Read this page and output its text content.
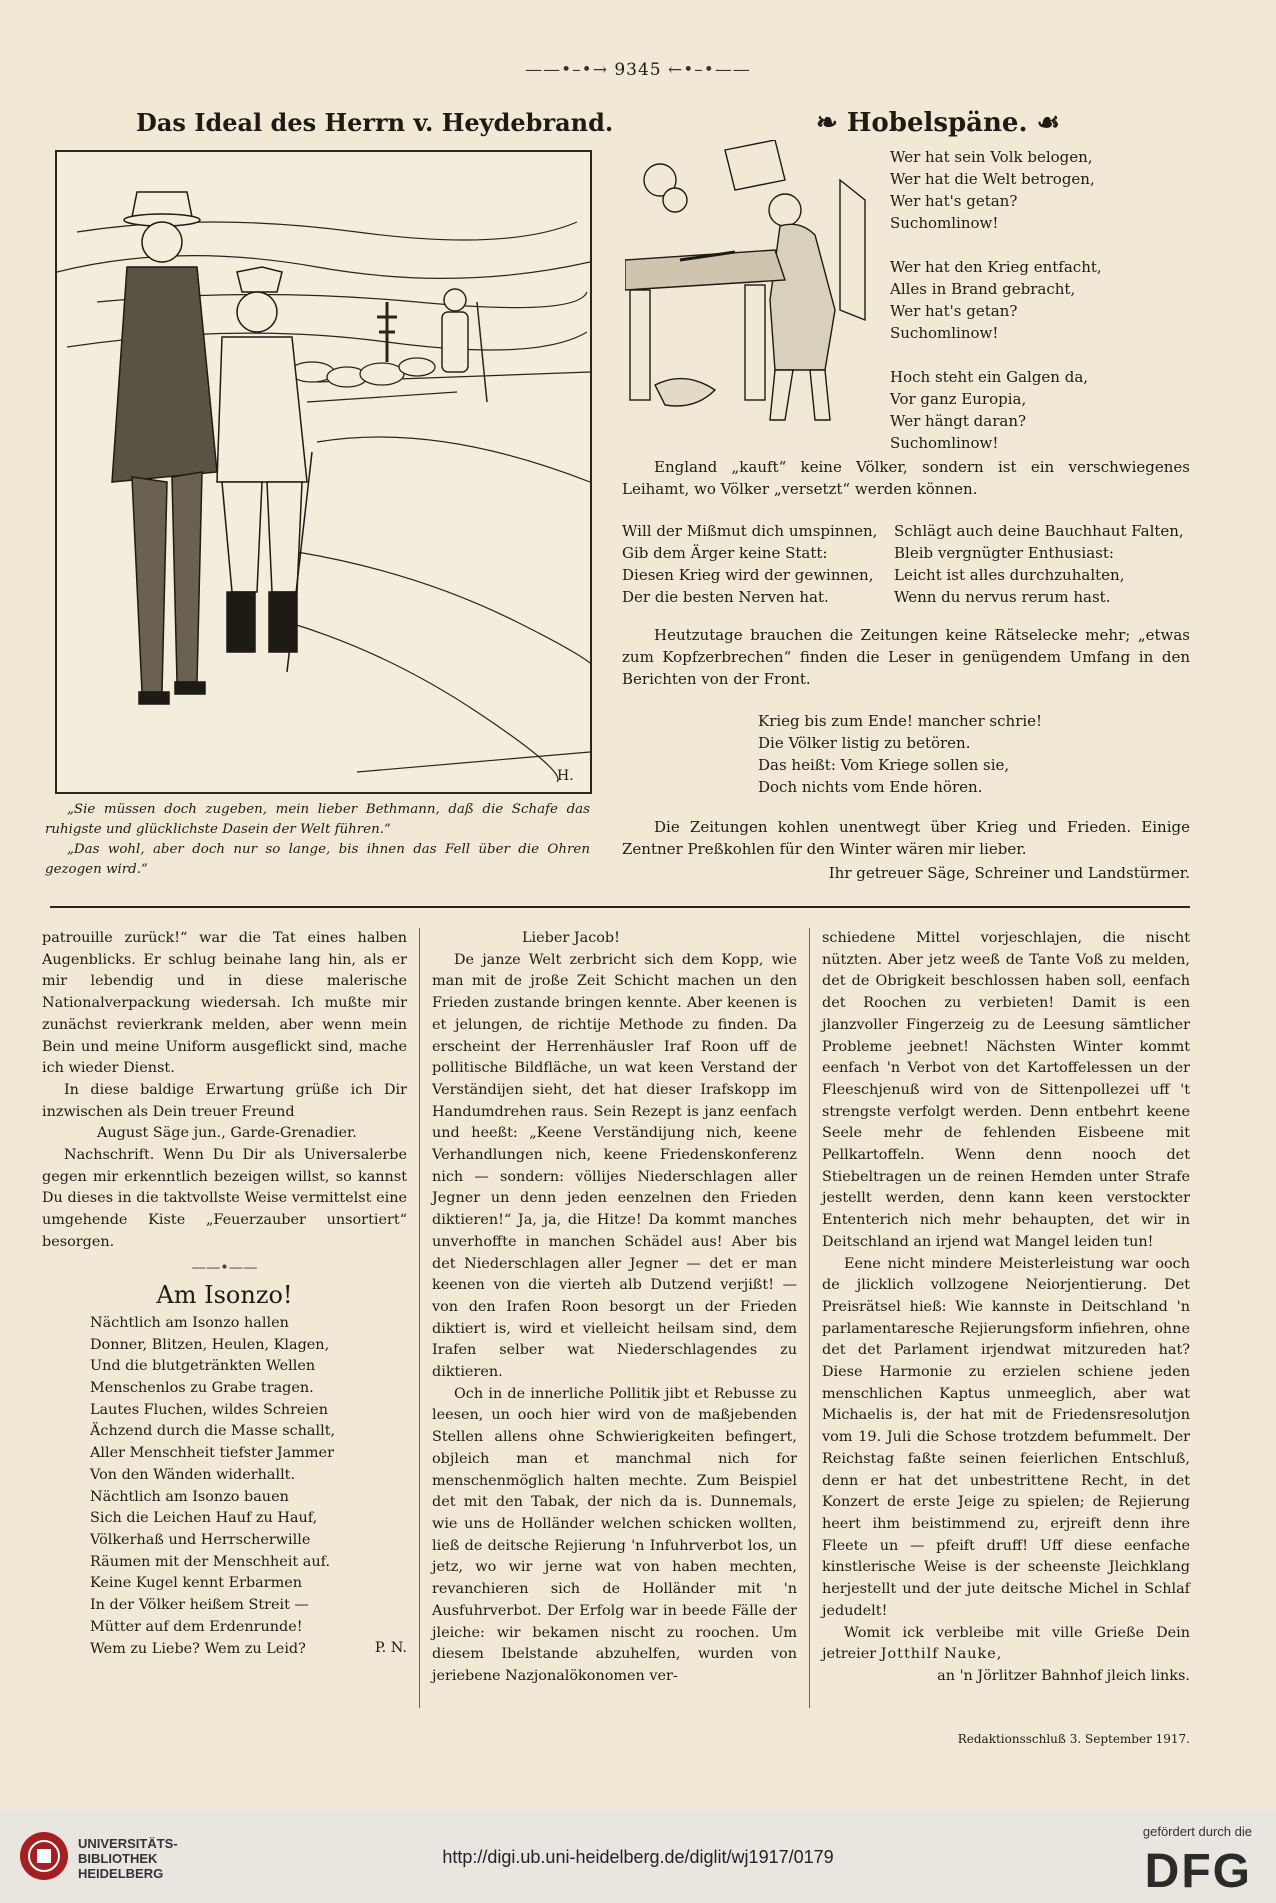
——•–•→ 9345 ←•–•——
Das Ideal des Herrn v. Heydebrand.	❧ Hobelspäne. ☙
H.

„Sie müssen doch zugeben, mein lieber Bethmann, daß die Schafe das ruhigste und glücklichste Dasein der Welt führen.“

„Das wohl, aber doch nur so lange, bis ihnen das Fell über die Ohren gezogen wird.“

Wer hat sein Volk belogen,
Wer hat die Welt betrogen,
Wer hat's getan?
Suchomlinow!

Wer hat den Krieg entfacht,
Alles in Brand gebracht,
Wer hat's getan?
Suchomlinow!

Hoch steht ein Galgen da,
Vor ganz Europia,
Wer hängt daran?
Suchomlinow!
England „kauft“ keine Völker, sondern ist ein verschwiegenes Leihamt, wo Völker „versetzt“ werden können.
Will der Mißmut dich umspinnen,	Schlägt auch deine Bauchhaut Falten,
Gib dem Ärger keine Statt:	Bleib vergnügter Enthusiast:
Diesen Krieg wird der gewinnen,	Leicht ist alles durchzuhalten,
Der die besten Nerven hat.	Wenn du nervus rerum hast.
Heutzutage brauchen die Zeitungen keine Rätselecke mehr; „etwas zum Kopfzerbrechen“ finden die Leser in genügendem Umfang in den Berichten von der Front.
Krieg bis zum Ende! mancher schrie!
Die Völker listig zu betören.
Das heißt: Vom Kriege sollen sie,
Doch nichts vom Ende hören.
Die Zeitungen kohlen unentwegt über Krieg und Frieden. Einige Zentner Preßkohlen für den Winter wären mir lieber.
Ihr getreuer Säge, Schreiner und Landstürmer.

patrouille zurück!“ war die Tat eines halben Augenblicks. Er schlug beinahe lang hin, als er mir lebendig und in diese malerische Nationalverpackung wiedersah. Ich mußte mir zunächst revierkrank melden, aber wenn mein Bein und meine Uniform ausgeflickt sind, mache ich wieder Dienst.

In diese baldige Erwartung grüße ich Dir inzwischen als Dein treuer Freund

August Säge jun., Garde-Grenadier.

Nachschrift. Wenn Du Dir als Universalerbe gegen mir erkenntlich bezeigen willst, so kannst Du dieses in die taktvollste Weise vermittelst eine umgehende Kiste „Feuerzauber unsortiert“ besorgen.

——•——
Am Isonzo!

Nächtlich am Isonzo hallen
Donner, Blitzen, Heulen, Klagen,
Und die blutgetränkten Wellen
Menschenlos zu Grabe tragen.

Lautes Fluchen, wildes Schreien
Ächzend durch die Masse schallt,
Aller Menschheit tiefster Jammer
Von den Wänden widerhallt.

Nächtlich am Isonzo bauen
Sich die Leichen Hauf zu Hauf,
Völkerhaß und Herrscherwille
Räumen mit der Menschheit auf.

Keine Kugel kennt Erbarmen
In der Völker heißem Streit —
Mütter auf dem Erdenrunde!
Wem zu Liebe? Wem zu Leid?	P. N.

Lieber Jacob!

De janze Welt zerbricht sich dem Kopp, wie man mit de jroße Zeit Schicht machen un den Frieden zustande bringen kennte. Aber keenen is et jelungen, de richtije Methode zu finden. Da erscheint der Herrenhäusler Iraf Roon uff de pollitische Bildfläche, un wat keen Verstand der Verständijen sieht, det hat dieser Irafskopp im Handumdrehen raus. Sein Rezept is janz eenfach und heeßt: „Keene Verständijung nich, keene Verhandlungen nich, keene Friedenskonferenz nich — sondern: völlijes Niederschlagen aller Jegner un denn jeden eenzelnen den Frieden diktieren!“ Ja, ja, die Hitze! Da kommt manches unverhoffte in manchen Schädel aus! Aber bis det Niederschlagen aller Jegner — det er man keenen von die vierteh alb Dutzend verjißt! — von den Irafen Roon besorgt un der Frieden diktiert is, wird et vielleicht heilsam sind, dem Irafen selber wat Niederschlagendes zu diktieren.

Och in de innerliche Pollitik jibt et Rebusse zu leesen, un ooch hier wird von de maßjebenden Stellen allens ohne Schwierigkeiten befingert, objleich man et manchmal nich for menschenmöglich halten mechte. Zum Beispiel det mit den Tabak, der nich da is. Dunnemals, wie uns de Holländer welchen schicken wollten, ließ de deitsche Rejierung 'n Infuhrverbot los, un jetz, wo wir jerne wat von haben mechten, revanchieren sich de Holländer mit 'n Ausfuhrverbot. Der Erfolg war in beede Fälle der jleiche: wir bekamen nischt zu roochen. Um diesem Ibelstande abzuhelfen, wurden von jeriebene Nazjonalökonomen ver-

schiedene Mittel vorjeschlajen, die nischt nützten. Aber jetz weeß de Tante Voß zu melden, det de Obrigkeit beschlossen haben soll, eenfach det Roochen zu verbieten! Damit is een jlanzvoller Fingerzeig zu de Leesung sämtlicher Probleme jeebnet! Nächsten Winter kommt eenfach 'n Verbot von det Kartoffelessen un der Fleeschjenuß wird von de Sittenpollezei uff 't strengste verfolgt werden. Denn entbehrt keene Seele mehr de fehlenden Eisbeene mit Pellkartoffeln. Wenn denn nooch det Stiebeltragen un de reinen Hemden unter Strafe jestellt werden, denn kann keen verstockter Ententerich nich mehr behaupten, det wir in Deitschland an irjend wat Mangel leiden tun!

Eene nicht mindere Meisterleistung war ooch de jlicklich vollzogene Neiorjentierung. Det Preisrätsel hieß: Wie kannste in Deitschland 'n parlamentaresche Rejierungsform infiehren, ohne det det Parlament irjendwat mitzureden hat? Diese Harmonie zu erzielen schiene jeden menschlichen Kaptus unmeeglich, aber wat Michaelis is, der hat mit de Friedensresolutjon vom 19. Juli die Schose trotzdem befummelt. Der Reichstag faßte seinen feierlichen Entschluß, denn er hat det unbestrittene Recht, in det Konzert de erste Jeige zu spielen; de Rejierung heert ihm beistimmend zu, erjreift denn ihre Fleete un — pfeift druff! Uff diese eenfache kinstlerische Weise is der scheenste Jleichklang herjestellt und der jute deitsche Michel in Schlaf jedudelt!

Womit ick verbleibe mit ville Grieße Dein jetreier Jotthilf Nauke,

an 'n Jörlitzer Bahnhof jleich links.

Redaktionsschluß 3. September 1917.
UNIVERSITÄTS-
BIBLIOTHEK
HEIDELBERG
http://digi.ub.uni-heidelberg.de/diglit/wj1917/0179
gefördert durch die
DFG
